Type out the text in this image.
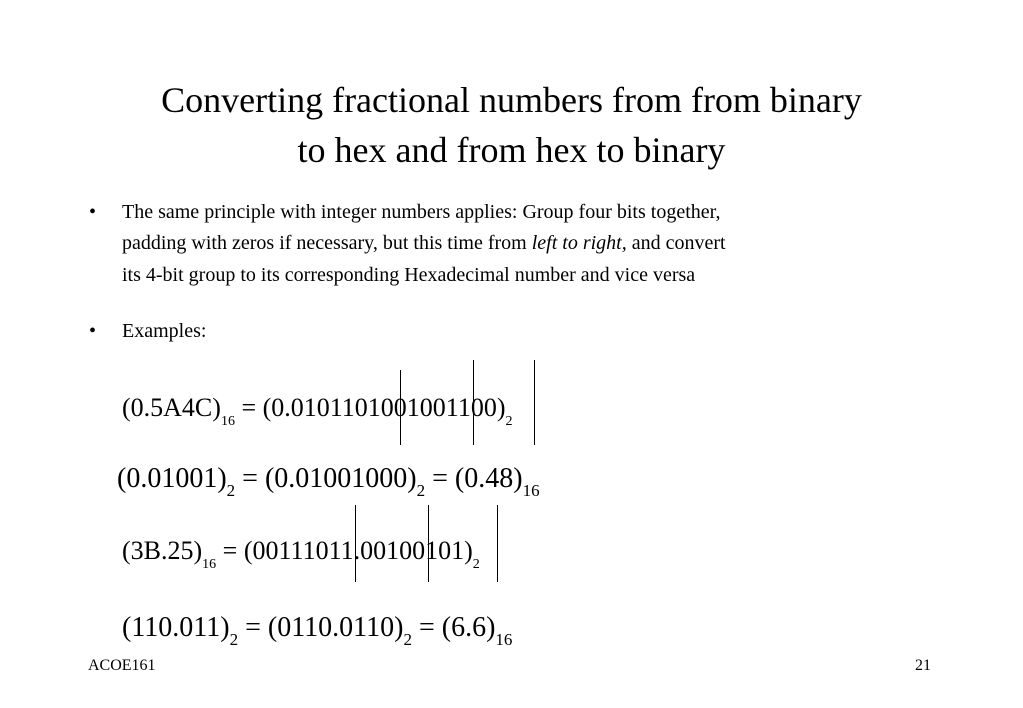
Converting fractional numbers from from binary
to hex and from hex to binary
• The same principle with integer numbers applies: Group four bits together,
padding with zeros if necessary, but this time from left to right, and convert
its 4-bit group to its corresponding Hexadecimal number and vice versa
• Examples:
$(0.5A4C)_{16} = (0.0101101001001100)_2$
$(0.01001)_2 = (0.01001000)_2 = (0.48)_{16}$
$(3B.25)_{16} = (00111011.00100101)_2$
$(110.011)_2 = (0110.0110)_2 = (6.6)_{16}$
ACOE161	21
